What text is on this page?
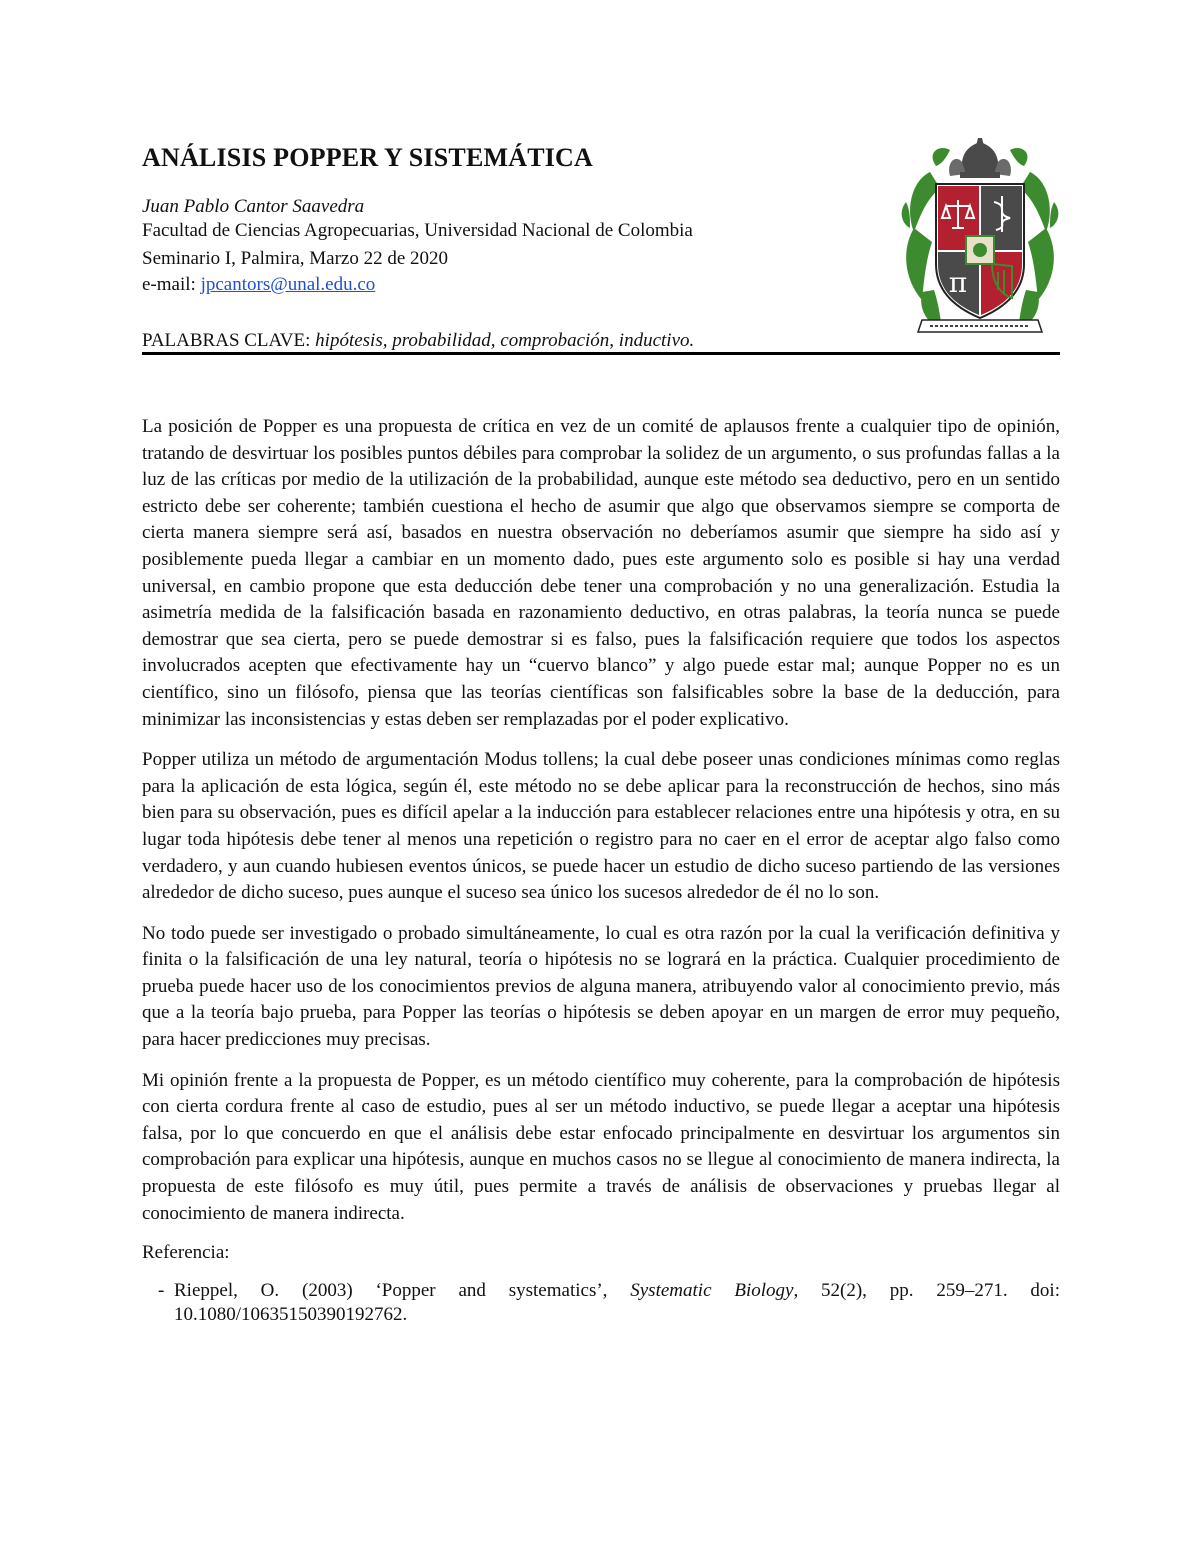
ANÁLISIS POPPER Y SISTEMÁTICA
Juan Pablo Cantor Saavedra
Facultad de Ciencias Agropecuarias, Universidad Nacional de Colombia
Seminario I, Palmira, Marzo 22 de 2020
e-mail: jpcantors@unal.edu.co
PALABRAS CLAVE: hipótesis, probabilidad, comprobación, inductivo.
π

La posición de Popper es una propuesta de crítica en vez de un comité de aplausos frente a cualquier tipo de opinión, tratando de desvirtuar los posibles puntos débiles para comprobar la solidez de un argumento, o sus profundas fallas a la luz de las críticas por medio de la utilización de la probabilidad, aunque este método sea deductivo, pero en un sentido estricto debe ser coherente; también cuestiona el hecho de asumir que algo que observamos siempre se comporta de cierta manera siempre será así, basados en nuestra observación no deberíamos asumir que siempre ha sido así y posiblemente pueda llegar a cambiar en un momento dado, pues este argumento solo es posible si hay una verdad universal, en cambio propone que esta deducción debe tener una comprobación y no una generalización. Estudia la asimetría medida de la falsificación basada en razonamiento deductivo, en otras palabras, la teoría nunca se puede demostrar que sea cierta, pero se puede demostrar si es falso, pues la falsificación requiere que todos los aspectos involucrados acepten que efectivamente hay un “cuervo blanco” y algo puede estar mal; aunque Popper no es un científico, sino un filósofo, piensa que las teorías científicas son falsificables sobre la base de la deducción, para minimizar las inconsistencias y estas deben ser remplazadas por el poder explicativo.

Popper utiliza un método de argumentación Modus tollens; la cual debe poseer unas condiciones mínimas como reglas para la aplicación de esta lógica, según él, este método no se debe aplicar para la reconstrucción de hechos, sino más bien para su observación, pues es difícil apelar a la inducción para establecer relaciones entre una hipótesis y otra, en su lugar toda hipótesis debe tener al menos una repetición o registro para no caer en el error de aceptar algo falso como verdadero, y aun cuando hubiesen eventos únicos, se puede hacer un estudio de dicho suceso partiendo de las versiones alrededor de dicho suceso, pues aunque el suceso sea único los sucesos alrededor de él no lo son.

No todo puede ser investigado o probado simultáneamente, lo cual es otra razón por la cual la verificación definitiva y finita o la falsificación de una ley natural, teoría o hipótesis no se logrará en la práctica. Cualquier procedimiento de prueba puede hacer uso de los conocimientos previos de alguna manera, atribuyendo valor al conocimiento previo, más que a la teoría bajo prueba, para Popper las teorías o hipótesis se deben apoyar en un margen de error muy pequeño, para hacer predicciones muy precisas.

Mi opinión frente a la propuesta de Popper, es un método científico muy coherente, para la comprobación de hipótesis con cierta cordura frente al caso de estudio, pues al ser un método inductivo, se puede llegar a aceptar una hipótesis falsa, por lo que concuerdo en que el análisis debe estar enfocado principalmente en desvirtuar los argumentos sin comprobación para explicar una hipótesis, aunque en muchos casos no se llegue al conocimiento de manera indirecta, la propuesta de este filósofo es muy útil, pues permite a través de análisis de observaciones y pruebas llegar al conocimiento de manera indirecta.

Referencia:

- Rieppel, O. (2003) ‘Popper and systematics’, Systematic Biology, 52(2), pp. 259–271. doi: 10.1080/10635150390192762.
